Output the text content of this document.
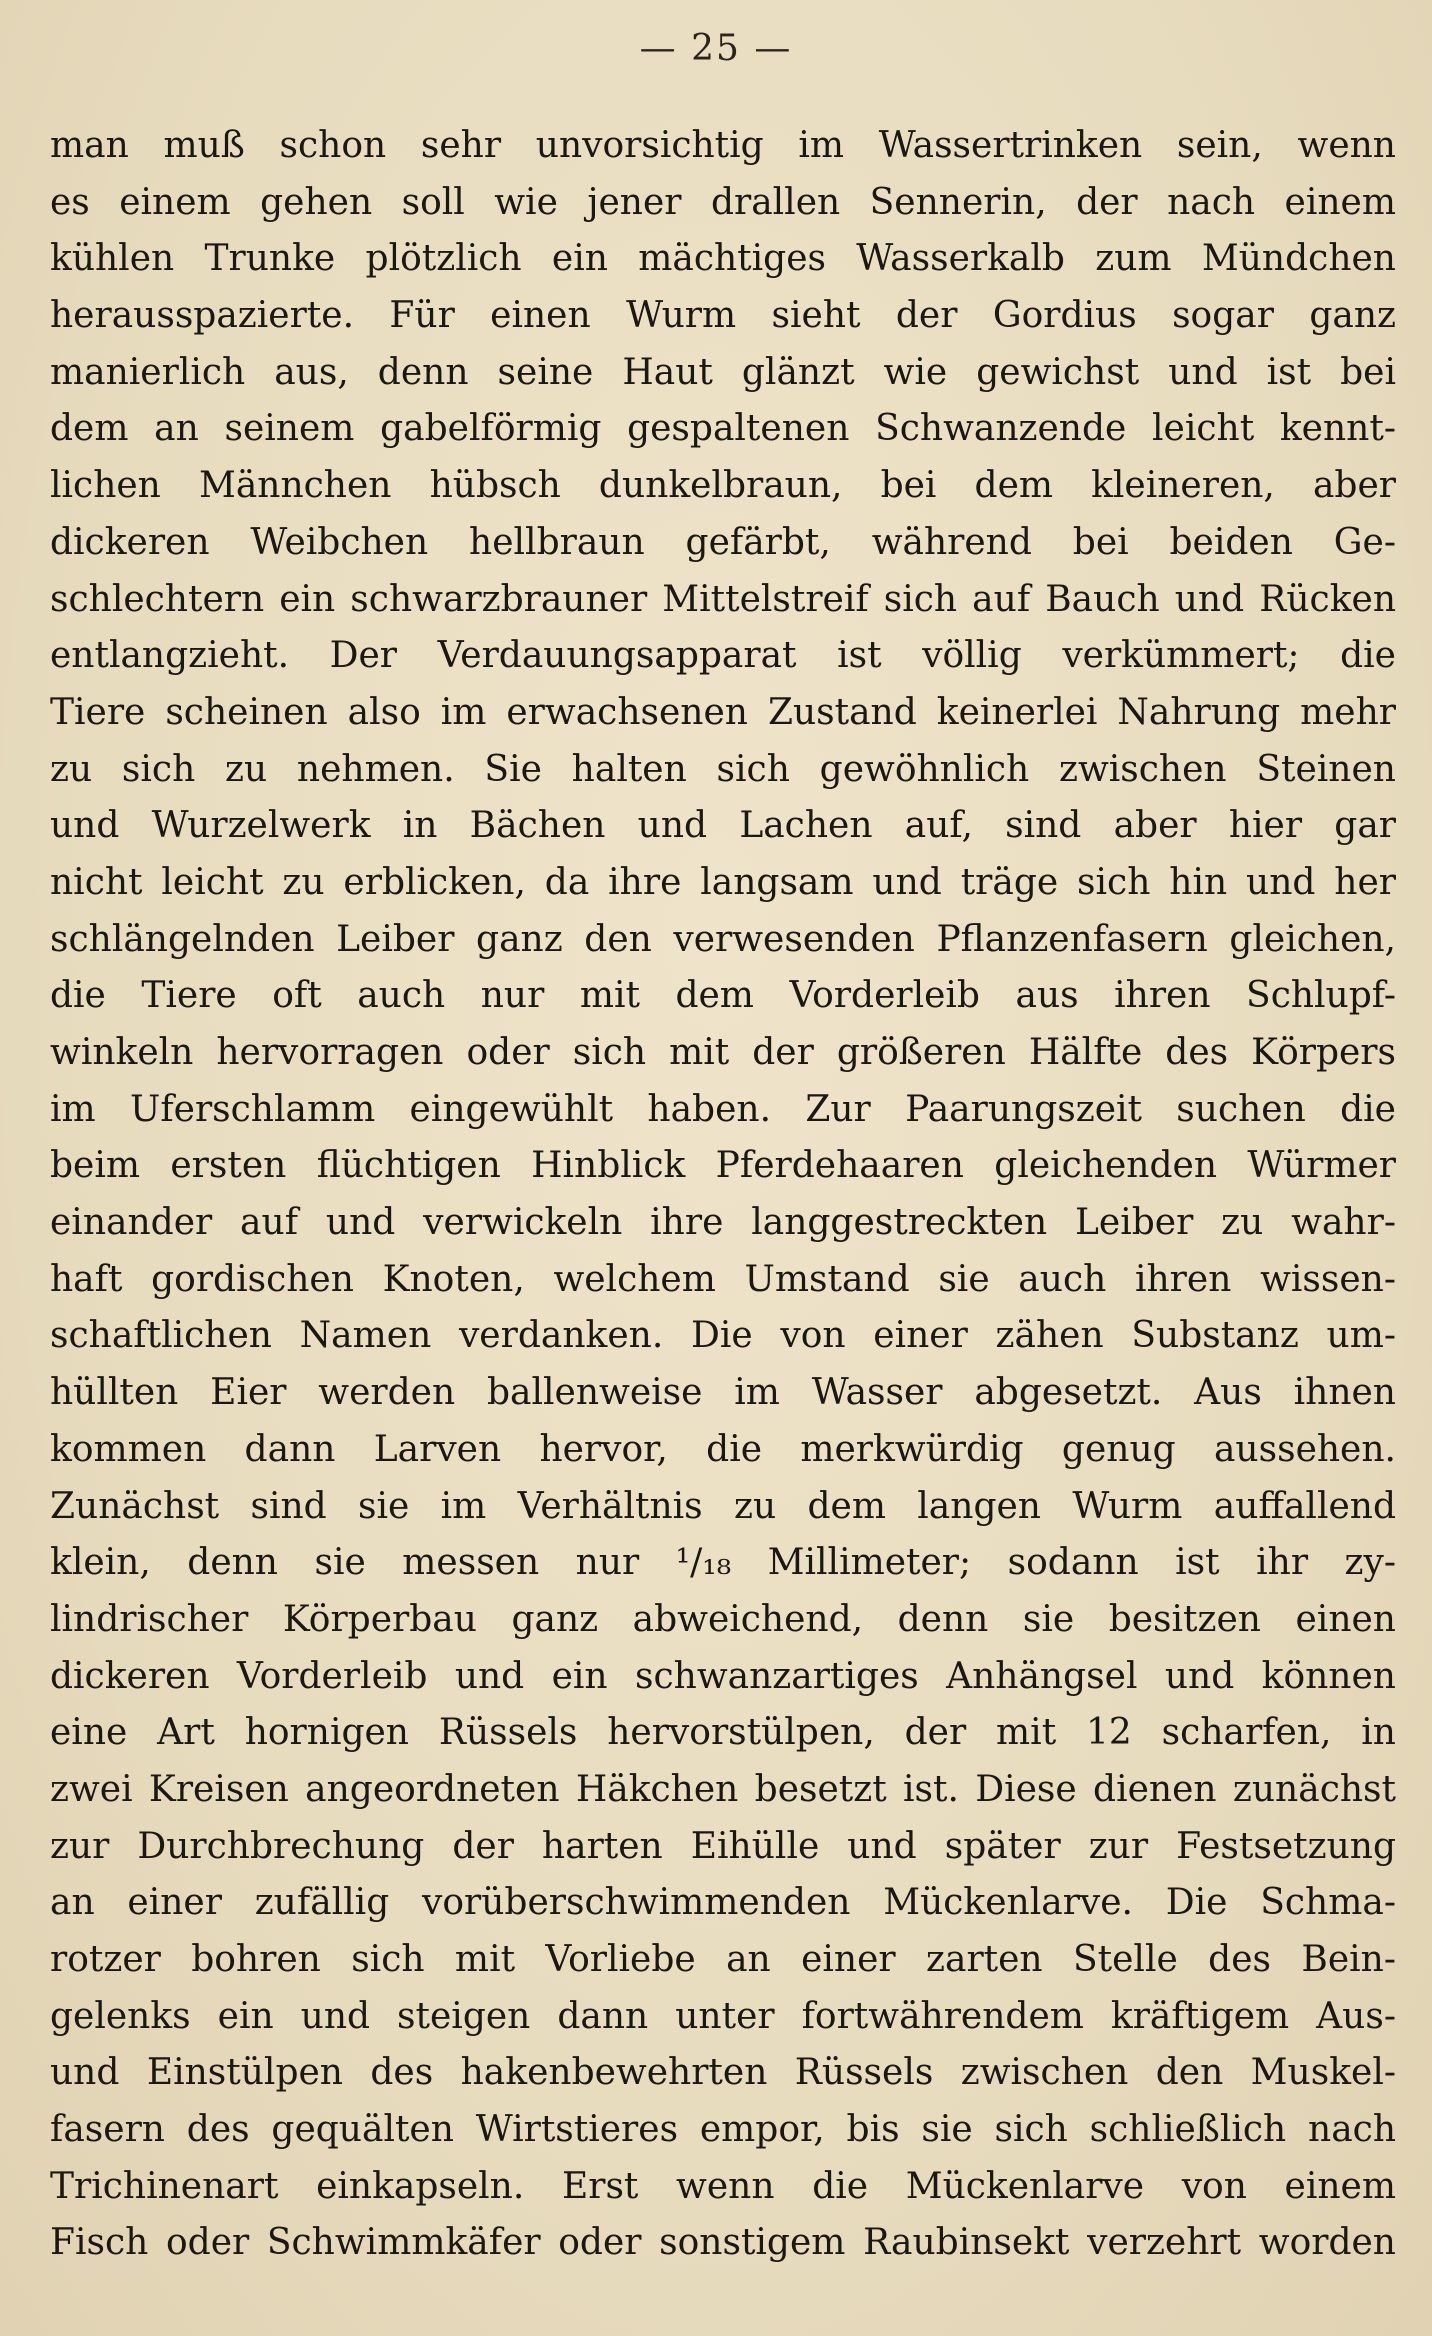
— 25 —
man muß schon sehr unvorsichtig im Wassertrinken sein, wenn
es einem gehen soll wie jener drallen Sennerin, der nach einem
kühlen Trunke plötzlich ein mächtiges Wasserkalb zum Mündchen
herausspazierte. Für einen Wurm sieht der Gordius sogar ganz
manierlich aus, denn seine Haut glänzt wie gewichst und ist bei
dem an seinem gabelförmig gespaltenen Schwanzende leicht kennt-
lichen Männchen hübsch dunkelbraun, bei dem kleineren, aber
dickeren Weibchen hellbraun gefärbt, während bei beiden Ge-
schlechtern ein schwarzbrauner Mittelstreif sich auf Bauch und Rücken
entlangzieht. Der Verdauungsapparat ist völlig verkümmert; die
Tiere scheinen also im erwachsenen Zustand keinerlei Nahrung mehr
zu sich zu nehmen. Sie halten sich gewöhnlich zwischen Steinen
und Wurzelwerk in Bächen und Lachen auf, sind aber hier gar
nicht leicht zu erblicken, da ihre langsam und träge sich hin und her
schlängelnden Leiber ganz den verwesenden Pflanzenfasern gleichen,
die Tiere oft auch nur mit dem Vorderleib aus ihren Schlupf-
winkeln hervorragen oder sich mit der größeren Hälfte des Körpers
im Uferschlamm eingewühlt haben. Zur Paarungszeit suchen die
beim ersten flüchtigen Hinblick Pferdehaaren gleichenden Würmer
einander auf und verwickeln ihre langgestreckten Leiber zu wahr-
haft gordischen Knoten, welchem Umstand sie auch ihren wissen-
schaftlichen Namen verdanken. Die von einer zähen Substanz um-
hüllten Eier werden ballenweise im Wasser abgesetzt. Aus ihnen
kommen dann Larven hervor, die merkwürdig genug aussehen.
Zunächst sind sie im Verhältnis zu dem langen Wurm auffallend
klein, denn sie messen nur ¹/₁₈ Millimeter; sodann ist ihr zy-
lindrischer Körperbau ganz abweichend, denn sie besitzen einen
dickeren Vorderleib und ein schwanzartiges Anhängsel und können
eine Art hornigen Rüssels hervorstülpen, der mit 12 scharfen, in
zwei Kreisen angeordneten Häkchen besetzt ist. Diese dienen zunächst
zur Durchbrechung der harten Eihülle und später zur Festsetzung
an einer zufällig vorüberschwimmenden Mückenlarve. Die Schma-
rotzer bohren sich mit Vorliebe an einer zarten Stelle des Bein-
gelenks ein und steigen dann unter fortwährendem kräftigem Aus-
und Einstülpen des hakenbewehrten Rüssels zwischen den Muskel-
fasern des gequälten Wirtstieres empor, bis sie sich schließlich nach
Trichinenart einkapseln. Erst wenn die Mückenlarve von einem
Fisch oder Schwimmkäfer oder sonstigem Raubinsekt verzehrt worden
